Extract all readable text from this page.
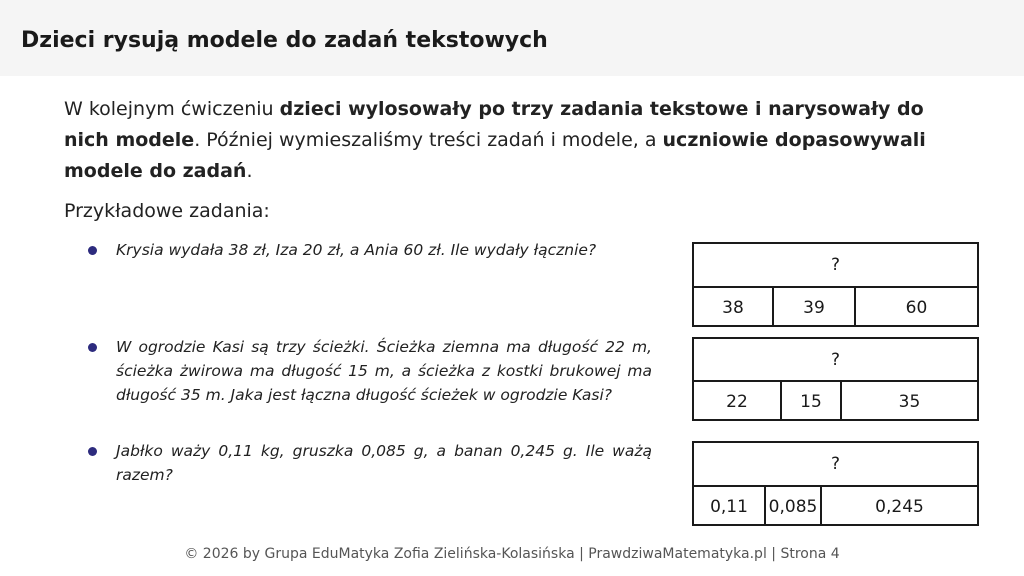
Dzieci rysują modele do zadań tekstowych
W kolejnym ćwiczeniu dzieci wylosowały po trzy zadania tekstowe i narysowały do nich modele. Później wymieszaliśmy treści zadań i modele, a uczniowie dopasowywali modele do zadań.
Przykładowe zadania:
Krysia wydała 38 zł, Iza 20 zł, a Ania 60 zł. Ile wydały łącznie?
W ogrodzie Kasi są trzy ścieżki. Ścieżka ziemna ma długość 22 m, ścieżka żwirowa ma długość 15 m, a ścieżka z kostki brukowej ma długość 35 m. Jaka jest łączna długość ścieżek w ogrodzie Kasi?
Jabłko waży 0,11 kg, gruszka 0,085 g, a banan 0,245 g. Ile ważą razem?
?
38	39	60
?
22	15	35
?
0,11	0,085	0,245
© 2026 by Grupa EduMatyka Zofia Zielińska-Kolasińska | PrawdziwaMatematyka.pl | Strona 4
